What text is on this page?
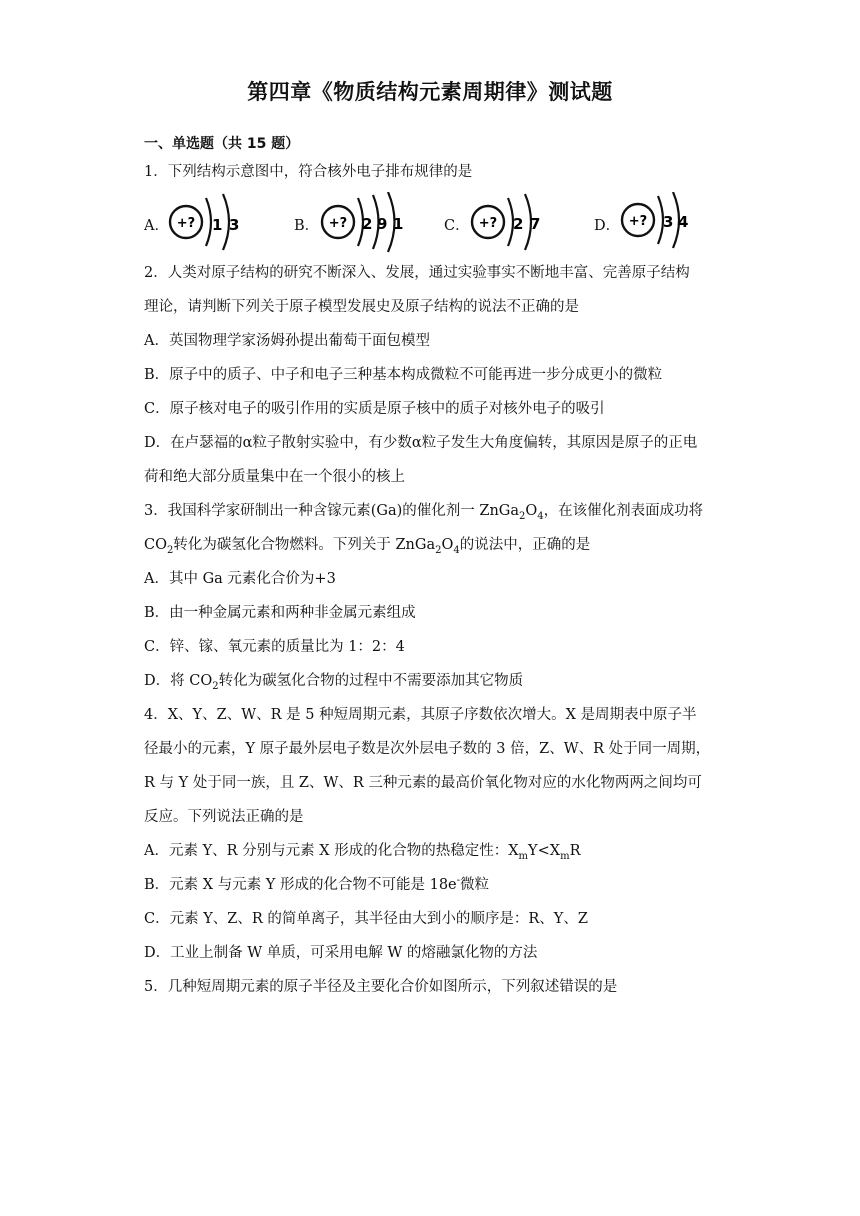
第四章《物质结构元素周期律》测试题
一、单选题（共 15 题）
1．下列结构示意图中，符合核外电子排布规律的是
A． +? 1 3	B． +? 2 9 1	C． +? 2 7	D． +? 3 4
2．人类对原子结构的研究不断深入、发展，通过实验事实不断地丰富、完善原子结构
理论，请判断下列关于原子模型发展史及原子结构的说法不正确的是
A．英国物理学家汤姆孙提出葡萄干面包模型
B．原子中的质子、中子和电子三种基本构成微粒不可能再进一步分成更小的微粒
C．原子核对电子的吸引作用的实质是原子核中的质子对核外电子的吸引
D．在卢瑟福的α粒子散射实验中，有少数α粒子发生大角度偏转，其原因是原子的正电
荷和绝大部分质量集中在一个很小的核上
3．我国科学家研制出一种含镓元素(Ga)的催化剂一 $ZnGa_2O_4$，在该催化剂表面成功将
$CO_2$转化为碳氢化合物燃料。下列关于 $ZnGa_2O_4$的说法中，正确的是
A．其中 Ga 元素化合价为+3
B．由一种金属元素和两种非金属元素组成
C．锌、镓、氧元素的质量比为 1：2：4
D．将 $CO_2$转化为碳氢化合物的过程中不需要添加其它物质
4．X、Y、Z、W、R 是 5 种短周期元素，其原子序数依次增大。X 是周期表中原子半
径最小的元素，Y 原子最外层电子数是次外层电子数的 3 倍，Z、W、R 处于同一周期，
R 与 Y 处于同一族，且 Z、W、R 三种元素的最高价氧化物对应的水化物两两之间均可
反应。下列说法正确的是
A．元素 Y、R 分别与元素 X 形成的化合物的热稳定性：$X_mY<X_mR$
B．元素 X 与元素 Y 形成的化合物不可能是 18e-微粒
C．元素 Y、Z、R 的简单离子，其半径由大到小的顺序是：R、Y、Z
D．工业上制备 W 单质，可采用电解 W 的熔融氯化物的方法
5．几种短周期元素的原子半径及主要化合价如图所示，下列叙述错误的是
